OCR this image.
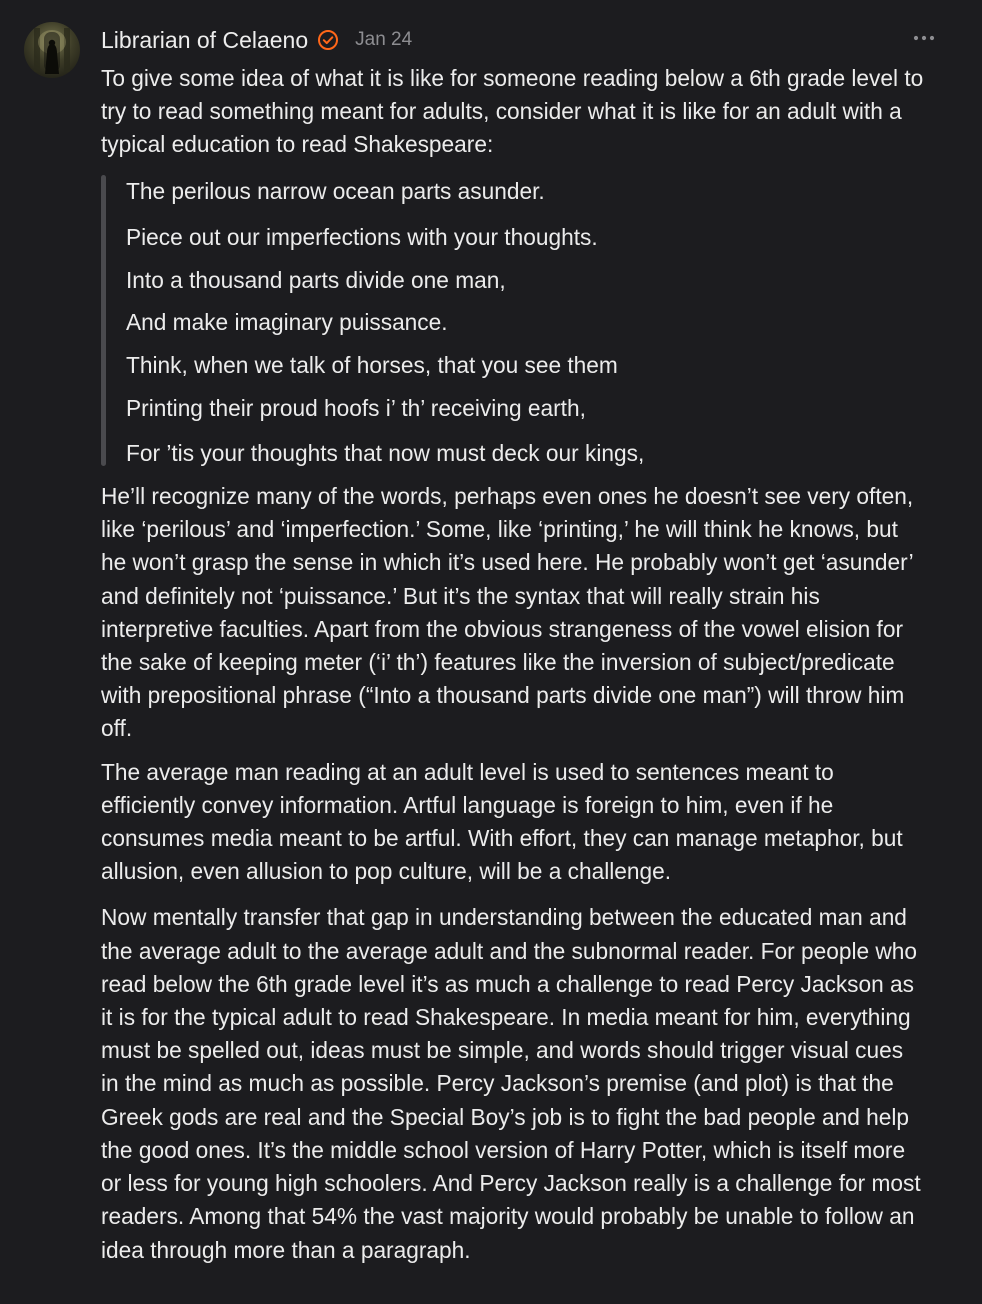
Librarian of Celaeno Jan 24

To give some idea of what it is like for someone reading below a 6th grade level to try to read something meant for adults, consider what it is like for an adult with a typical education to read Shakespeare:

The perilous narrow ocean parts asunder.

Piece out our imperfections with your thoughts.

Into a thousand parts divide one man,

And make imaginary puissance.

Think, when we talk of horses, that you see them

Printing their proud hoofs i’ th’ receiving earth,

For ’tis your thoughts that now must deck our kings,

He’ll recognize many of the words, perhaps even ones he doesn’t see very often, like ‘perilous’ and ‘imperfection.’ Some, like ‘printing,’ he will think he knows, but he won’t grasp the sense in which it’s used here. He probably won’t get ‘asunder’ and definitely not ‘puissance.’ But it’s the syntax that will really strain his interpretive faculties. Apart from the obvious strangeness of the vowel elision for the sake of keeping meter (‘i’ th’) features like the inversion of subject/predicate with prepositional phrase (“Into a thousand parts divide one man”) will throw him off.

The average man reading at an adult level is used to sentences meant to efficiently convey information. Artful language is foreign to him, even if he consumes media meant to be artful. With effort, they can manage metaphor, but allusion, even allusion to pop culture, will be a challenge.

Now mentally transfer that gap in understanding between the educated man and the average adult to the average adult and the subnormal reader. For people who read below the 6th grade level it’s as much a challenge to read Percy Jackson as it is for the typical adult to read Shakespeare. In media meant for him, everything must be spelled out, ideas must be simple, and words should trigger visual cues in the mind as much as possible. Percy Jackson’s premise (and plot) is that the Greek gods are real and the Special Boy’s job is to fight the bad people and help the good ones. It’s the middle school version of Harry Potter, which is itself more or less for young high schoolers. And Percy Jackson really is a challenge for most readers. Among that 54% the vast majority would probably be unable to follow an idea through more than a paragraph.
